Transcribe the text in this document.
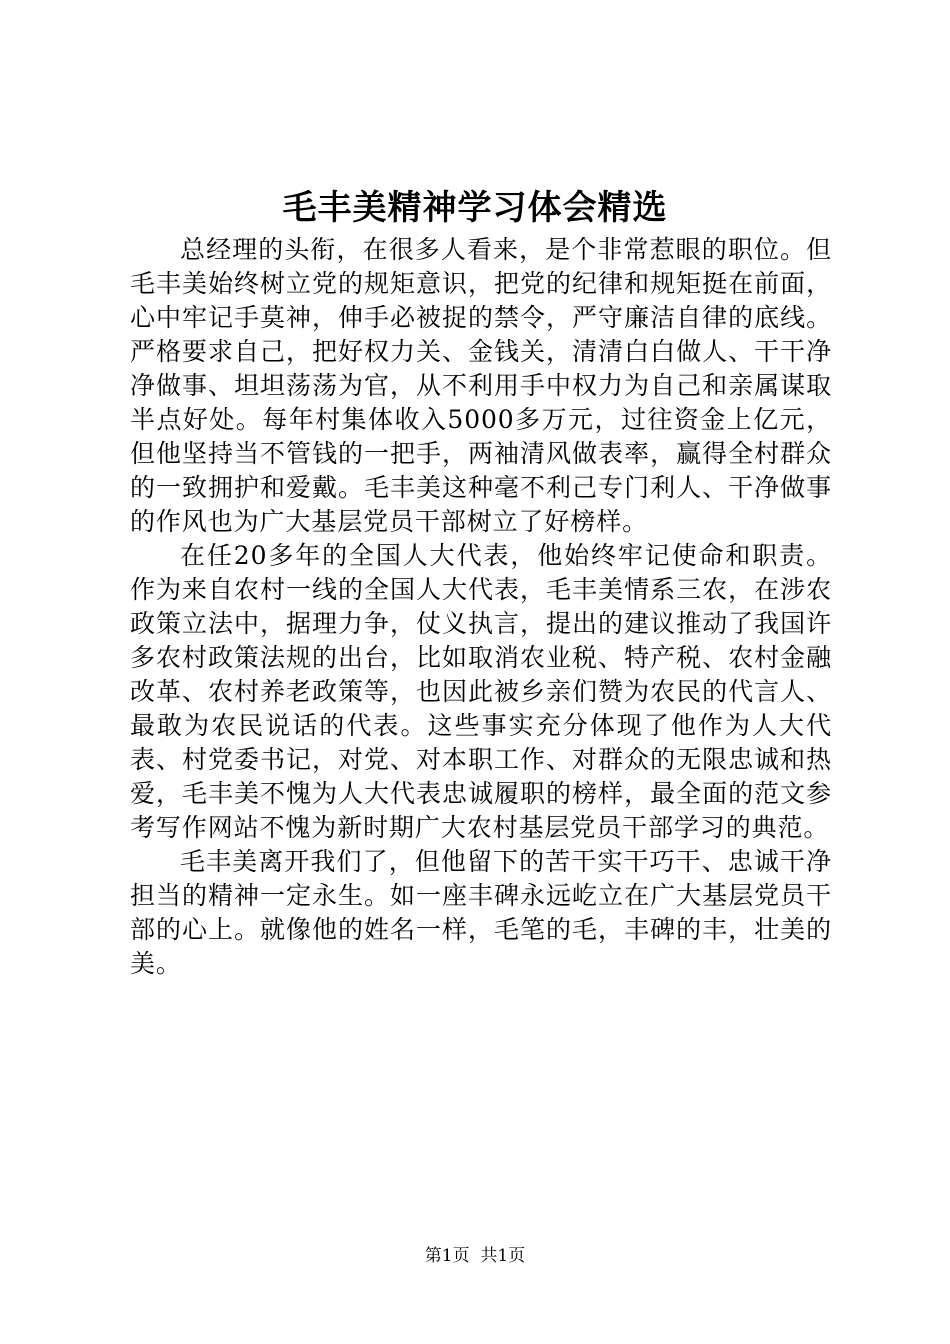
毛丰美精神学习体会精选

总经理的头衔，在很多人看来，是个非常惹眼的职位。但毛丰美始终树立党的规矩意识，把党的纪律和规矩挺在前面，心中牢记手莫神，伸手必被捉的禁令，严守廉洁自律的底线。严格要求自己，把好权力关、金钱关，清清白白做人、干干净净做事、坦坦荡荡为官，从不利用手中权力为自己和亲属谋取半点好处。每年村集体收入5000多万元，过往资金上亿元，但他坚持当不管钱的一把手，两袖清风做表率，赢得全村群众的一致拥护和爱戴。毛丰美这种毫不利己专门利人、干净做事的作风也为广大基层党员干部树立了好榜样。

在任20多年的全国人大代表，他始终牢记使命和职责。作为来自农村一线的全国人大代表，毛丰美情系三农，在涉农政策立法中，据理力争，仗义执言，提出的建议推动了我国许多农村政策法规的出台，比如取消农业税、特产税、农村金融改革、农村养老政策等，也因此被乡亲们赞为农民的代言人、最敢为农民说话的代表。这些事实充分体现了他作为人大代表、村党委书记，对党、对本职工作、对群众的无限忠诚和热爱，毛丰美不愧为人大代表忠诚履职的榜样，最全面的范文参考写作网站不愧为新时期广大农村基层党员干部学习的典范。

毛丰美离开我们了，但他留下的苦干实干巧干、忠诚干净担当的精神一定永生。如一座丰碑永远屹立在广大基层党员干部的心上。就像他的姓名一样，毛笔的毛，丰碑的丰，壮美的美。

第1页  共1页
